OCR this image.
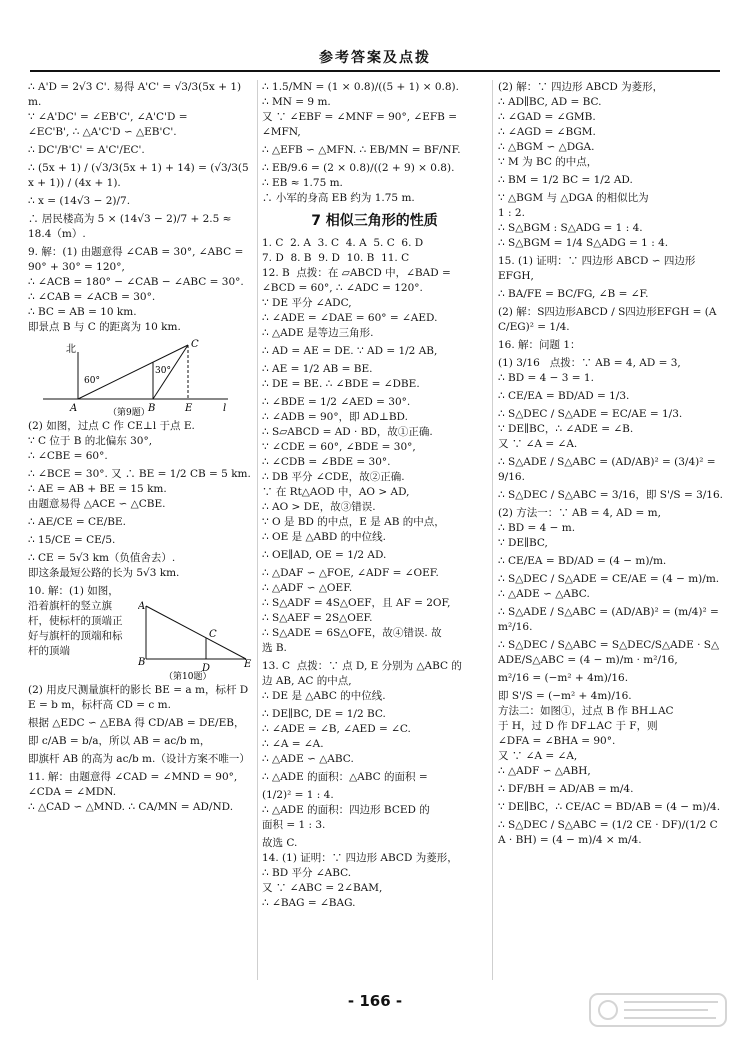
参考答案及点拨

∴ A'D = 2√3 C'. 易得 A'C' = √3/3(5x + 1) m.

∵ ∠A'DC' = ∠EB'C', ∠A'C'D =

∠EC'B', ∴ △A'C'D ∽ △EB'C'.

∴ DC'/B'C' = A'C'/EC'.

∴ (5x + 1) / (√3/3(5x + 1) + 14) = (√3/3(5x + 1)) / (4x + 1).

∴ x = (14√3 − 2)/7.

∴ 居民楼高为 5 × (14√3 − 2)/7 + 2.5 ≈

18.4（m）.

9. 解：(1) 由题意得 ∠CAB = 30°, ∠ABC =

90° + 30° = 120°,

∴ ∠ACB = 180° − ∠CAB − ∠ABC = 30°.

∴ ∠CAB = ∠ACB = 30°.

∴ BC = AB = 10 km.

即景点 B 与 C 的距离为 10 km.

北
60°
30°
A	B
C
E	l
（第9题）

(2) 如图，过点 C 作 CE⊥l 于点 E.

∵ C 位于 B 的北偏东 30°,

∴ ∠CBE = 60°.

∴ ∠BCE = 30°. 又 ∴ BE = 1/2 CB = 5 km.

∴ AE = AB + BE = 15 km.

由题意易得 △ACE ∽ △CBE.

∴ AE/CE = CE/BE.

∴ 15/CE = CE/5.

∴ CE = 5√3 km（负值舍去）.

即这条最短公路的长为 5√3 km.

10. 解：(1) 如图，

A
B
C
D	E
（第10题）

沿着旗杆的竖立旗杆，使标杆的顶端正好与旗杆的顶端和标杆的顶端

(2) 用皮尺测量旗杆的影长 BE = a m，标杆 DE = b m，标杆高 CD = c m.

根据 △EDC ∽ △EBA 得 CD/AB = DE/EB，

即 c/AB = b/a，所以 AB = ac/b m，

即旗杆 AB 的高为 ac/b m.（设计方案不唯一）

11. 解：由题意得 ∠CAD = ∠MND = 90°,

∠CDA = ∠MDN.

∴ △CAD ∽ △MND. ∴ CA/MN = AD/ND.

∴ 1.5/MN = (1 × 0.8)/((5 + 1) × 0.8).

∴ MN = 9 m.

又 ∵ ∠EBF = ∠MNF = 90°, ∠EFB =

∠MFN,

∴ △EFB ∽ △MFN. ∴ EB/MN = BF/NF.

∴ EB/9.6 = (2 × 0.8)/((2 + 9) × 0.8).

∴ EB ≈ 1.75 m.

∴ 小军的身高 EB 约为 1.75 m.

7 相似三角形的性质

1. C  2. A  3. C  4. A  5. C  6. D

7. D  8. B  9. D  10. B  11. C

12. B  点拨：在 ▱ABCD 中，∠BAD =

∠BCD = 60°, ∴ ∠ADC = 120°.

∵ DE 平分 ∠ADC,

∴ ∠ADE = ∠DAE = 60° = ∠AED.

∴ △ADE 是等边三角形.

∴ AD = AE = DE. ∵ AD = 1/2 AB,

∴ AE = 1/2 AB = BE.

∴ DE = BE. ∴ ∠BDE = ∠DBE.

∴ ∠BDE = 1/2 ∠AED = 30°.

∴ ∠ADB = 90°，即 AD⊥BD.

∴ S▱ABCD = AD · BD，故①正确.

∵ ∠CDE = 60°, ∠BDE = 30°,

∴ ∠CDB = ∠BDE = 30°.

∴ DB 平分 ∠CDE，故②正确.

∵ 在 Rt△AOD 中，AO > AD,

∴ AO > DE，故③错误.

∵ O 是 BD 的中点，E 是 AB 的中点，

∴ OE 是 △ABD 的中位线.

∴ OE∥AD, OE = 1/2 AD.

∴ △DAF ∽ △FOE, ∠ADF = ∠OEF.

∴ △ADF ∽ △OEF.

∴ S△ADF = 4S△OEF，且 AF = 2OF,

∴ S△AEF = 2S△OEF.

∴ S△ADE = 6S△OFE，故④错误. 故

选 B.

13. C  点拨：∵ 点 D, E 分别为 △ABC 的

边 AB, AC 的中点,

∴ DE 是 △ABC 的中位线.

∴ DE∥BC, DE = 1/2 BC.

∴ ∠ADE = ∠B, ∠AED = ∠C.

∴ ∠A = ∠A.

∴ △ADE ∽ △ABC.

∴ △ADE 的面积：△ABC 的面积 =

(1/2)² = 1 : 4.

∴ △ADE 的面积：四边形 BCED 的

面积 = 1 : 3.

故选 C.

14. (1) 证明：∵ 四边形 ABCD 为菱形，

∴ BD 平分 ∠ABC.

又 ∵ ∠ABC = 2∠BAM,

∴ ∠BAG = ∠BAG.

(2) 解：∵ 四边形 ABCD 为菱形，

∴ AD∥BC, AD = BC.

∴ ∠GAD = ∠GMB.

∴ ∠AGD = ∠BGM.

∴ △BGM ∽ △DGA.

∵ M 为 BC 的中点，

∴ BM = 1/2 BC = 1/2 AD.

∵ △BGM 与 △DGA 的相似比为

1 : 2.

∴ S△BGM : S△ADG = 1 : 4.

∴ S△BGM = 1/4 S△ADG = 1 : 4.

15. (1) 证明：∵ 四边形 ABCD ∽ 四边形

EFGH,

∴ BA/FE = BC/FG, ∠B = ∠F.

(2) 解：S四边形ABCD / S四边形EFGH = (AC/EG)² = 1/4.

16. 解：问题 1：

(1) 3/16   点拨：∵ AB = 4, AD = 3,

∴ BD = 4 − 3 = 1.

∴ CE/EA = BD/AD = 1/3.

∴ S△DEC / S△ADE = EC/AE = 1/3.

∵ DE∥BC，∴ ∠ADE = ∠B.

又 ∵ ∠A = ∠A.

∴ S△ADE / S△ABC = (AD/AB)² = (3/4)² = 9/16.

∴ S△DEC / S△ABC = 3/16，即 S'/S = 3/16.

(2) 方法一：∵ AB = 4, AD = m,

∴ BD = 4 − m.

∵ DE∥BC,

∴ CE/EA = BD/AD = (4 − m)/m.

∴ S△DEC / S△ADE = CE/AE = (4 − m)/m.

∴ △ADE ∽ △ABC.

∴ S△ADE / S△ABC = (AD/AB)² = (m/4)² = m²/16.

∴ S△DEC / S△ABC = S△DEC/S△ADE · S△ADE/S△ABC = (4 − m)/m · m²/16,

m²/16 = (−m² + 4m)/16.

即 S'/S = (−m² + 4m)/16.

方法二：如图①，过点 B 作 BH⊥AC

于 H，过 D 作 DF⊥AC 于 F，则

∠DFA = ∠BHA = 90°.

又 ∵ ∠A = ∠A,

∴ △ADF ∽ △ABH,

∴ DF/BH = AD/AB = m/4.

∵ DE∥BC，∴ CE/AC = BD/AB = (4 − m)/4.

∴ S△DEC / S△ABC = (1/2 CE · DF)/(1/2 CA · BH) = (4 − m)/4 × m/4.

- 166 -
